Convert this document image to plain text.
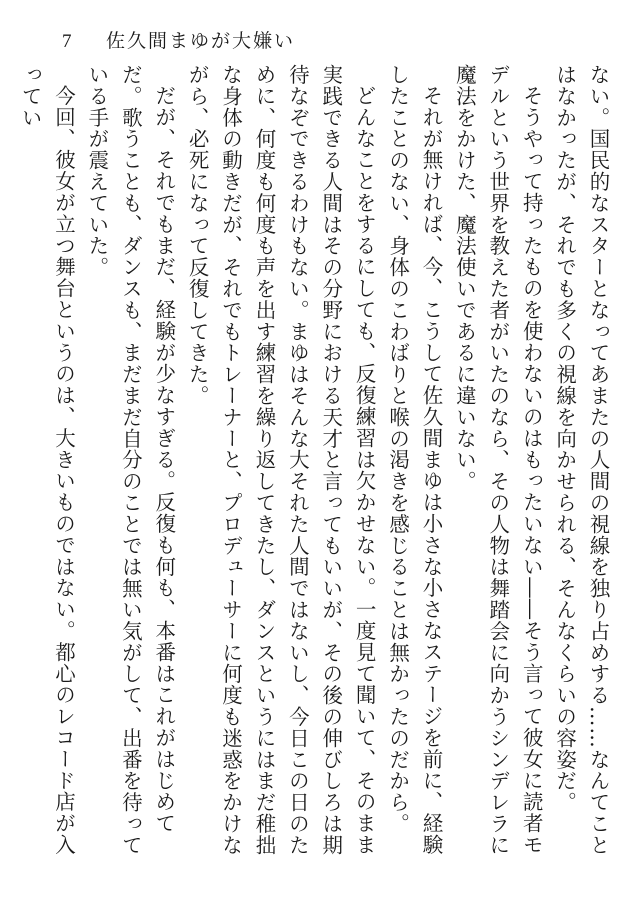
7	佐久間まゆが大嫌い

ない。国民的なスターとなってあまたの人間の視線を独り占めする……なんてことはなかったが、それでも多くの視線を向かせられる、そんなくらいの容姿だ。

そうやって持ったものを使わないのはもったいない――そう言って彼女に読者モデルという世界を教えた者がいたのなら、その人物は舞踏会に向かうシンデレラに魔法をかけた、魔法使いであるに違いない。

それが無ければ、今、こうして佐久間まゆは小さな小さなステージを前に、経験したことのない、身体のこわばりと喉の渇きを感じることは無かったのだから。

どんなことをするにしても、反復練習は欠かせない。一度見て聞いて、そのまま実践できる人間はその分野における天才と言ってもいいが、その後の伸びしろは期待なぞできるわけもない。まゆはそんな大それた人間ではないし、今日この日のために、何度も何度も声を出す練習を繰り返してきたし、ダンスというにはまだ稚拙な身体の動きだが、それでもトレーナーと、プロデューサーに何度も迷惑をかけながら、必死になって反復してきた。

だが、それでもまだ、経験が少なすぎる。反復も何も、本番はこれがはじめてだ。歌うことも、ダンスも、まだまだ自分のことでは無い気がして、出番を待っている手が震えていた。

今回、彼女が立つ舞台というのは、大きいものではない。都心のレコード店が入ってい
